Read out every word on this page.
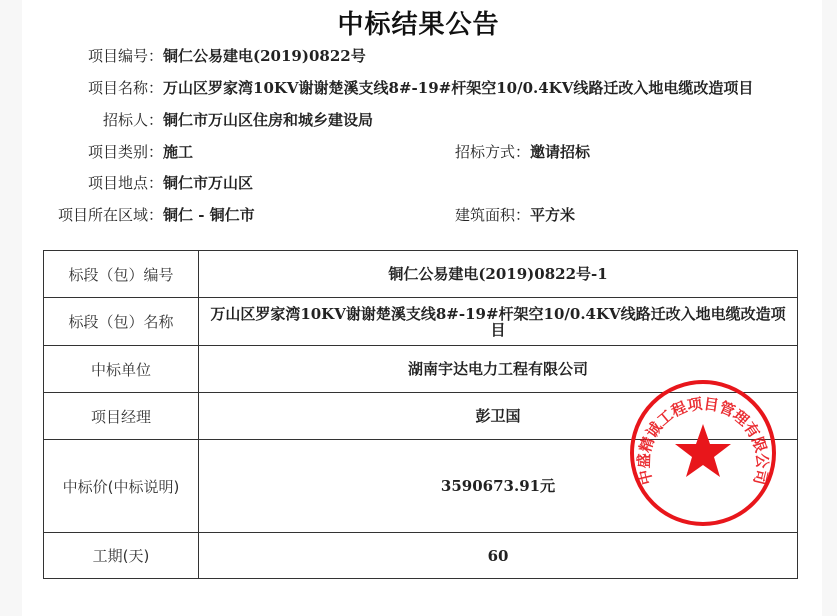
中标结果公告
项目编号：铜仁公易建电(2019)0822号
项目名称：万山区罗家湾10KV谢谢楚溪支线8#-19#杆架空10/0.4KV线路迁改入地电缆改造项目
招标人：铜仁市万山区住房和城乡建设局
项目类别：施工	招标方式：邀请招标
项目地点：铜仁市万山区
项目所在区域：铜仁 - 铜仁市	建筑面积：平方米
标段（包）编号	铜仁公易建电(2019)0822号-1
标段（包）名称	万山区罗家湾10KV谢谢楚溪支线8#-19#杆架空10/0.4KV线路迁改入地电缆改造项目
中标单位	湖南宇达电力工程有限公司
项目经理	彭卫国
中标价(中标说明)	3590673.91元
工期(天)	60
中盛精诚工程项目管理有限公司
